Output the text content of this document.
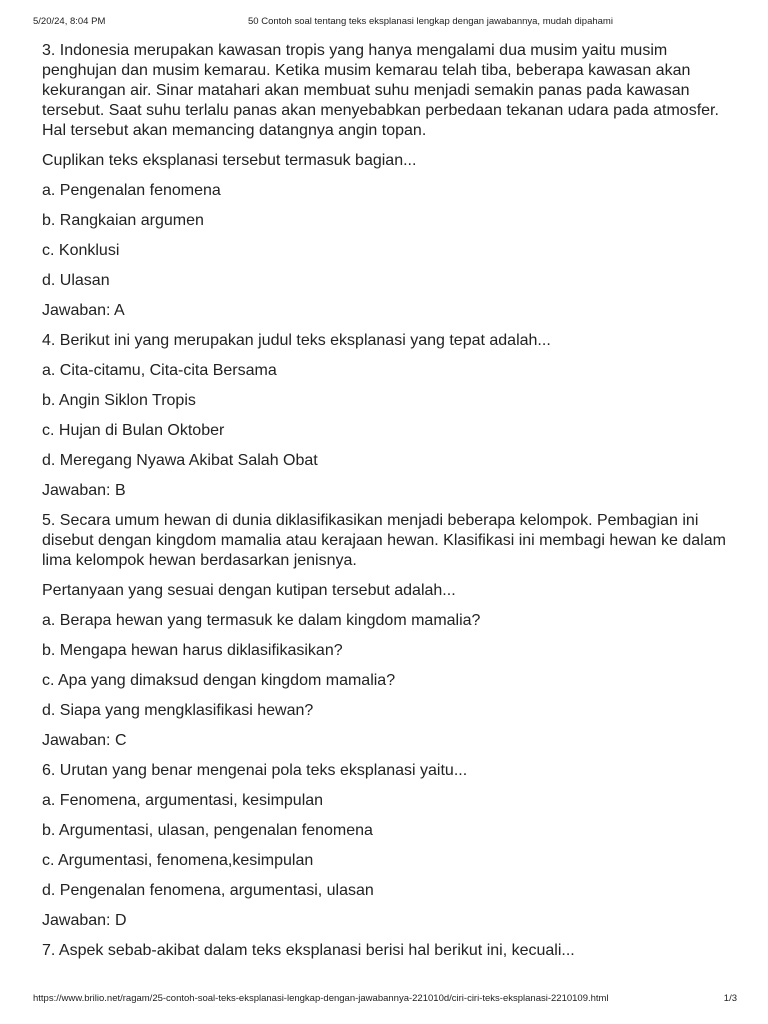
5/20/24, 8:04 PM	50 Contoh soal tentang teks eksplanasi lengkap dengan jawabannya, mudah dipahami

3. Indonesia merupakan kawasan tropis yang hanya mengalami dua musim yaitu musim penghujan dan musim kemarau. Ketika musim kemarau telah tiba, beberapa kawasan akan kekurangan air. Sinar matahari akan membuat suhu menjadi semakin panas pada kawasan tersebut. Saat suhu terlalu panas akan menyebabkan perbedaan tekanan udara pada atmosfer. Hal tersebut akan memancing datangnya angin topan.

Cuplikan teks eksplanasi tersebut termasuk bagian...

a. Pengenalan fenomena

b. Rangkaian argumen

c. Konklusi

d. Ulasan

Jawaban: A

4. Berikut ini yang merupakan judul teks eksplanasi yang tepat adalah...

a. Cita-citamu, Cita-cita Bersama

b. Angin Siklon Tropis

c. Hujan di Bulan Oktober

d. Meregang Nyawa Akibat Salah Obat

Jawaban: B

5. Secara umum hewan di dunia diklasifikasikan menjadi beberapa kelompok. Pembagian ini disebut dengan kingdom mamalia atau kerajaan hewan. Klasifikasi ini membagi hewan ke dalam lima kelompok hewan berdasarkan jenisnya.

Pertanyaan yang sesuai dengan kutipan tersebut adalah...

a. Berapa hewan yang termasuk ke dalam kingdom mamalia?

b. Mengapa hewan harus diklasifikasikan?

c. Apa yang dimaksud dengan kingdom mamalia?

d. Siapa yang mengklasifikasi hewan?

Jawaban: C

6. Urutan yang benar mengenai pola teks eksplanasi yaitu...

a. Fenomena, argumentasi, kesimpulan

b. Argumentasi, ulasan, pengenalan fenomena

c. Argumentasi, fenomena,kesimpulan

d. Pengenalan fenomena, argumentasi, ulasan

Jawaban: D

7. Aspek sebab-akibat dalam teks eksplanasi berisi hal berikut ini, kecuali...

https://www.brilio.net/ragam/25-contoh-soal-teks-eksplanasi-lengkap-dengan-jawabannya-221010d/ciri-ciri-teks-eksplanasi-2210109.html	1/3
